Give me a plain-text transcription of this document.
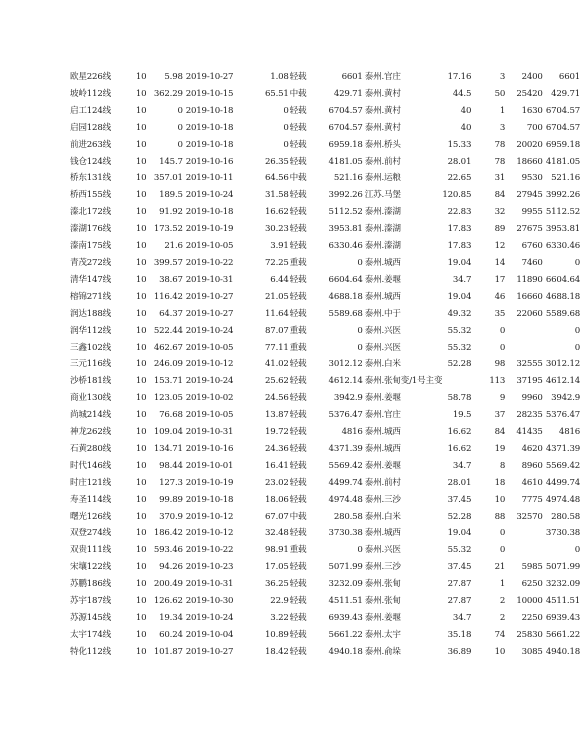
欧星226线	10	5.98	2019-10-27	1.08	轻载	6601	泰州.官庄	17.16	3	2400	6601
坡岭112线	10	362.29	2019-10-15	65.51	中载	429.71	泰州.黄村	44.5	50	25420	429.71
启工124线	10	0	2019-10-18	0	轻载	6704.57	泰州.黄村	40	1	1630	6704.57
启园128线	10	0	2019-10-18	0	轻载	6704.57	泰州.黄村	40	3	700	6704.57
前进263线	10	0	2019-10-18	0	轻载	6959.18	泰州.桥头	15.33	78	20020	6959.18
钱仓124线	10	145.7	2019-10-16	26.35	轻载	4181.05	泰州.前村	28.01	78	18660	4181.05
桥东131线	10	357.01	2019-10-11	64.56	中载	521.16	泰州.运粮	22.65	31	9530	521.16
桥西155线	10	189.5	2019-10-24	31.58	轻载	3992.26	江苏.马堡	120.85	84	27945	3992.26
溱北172线	10	91.92	2019-10-18	16.62	轻载	5112.52	泰州.溱湖	22.83	32	9955	5112.52
溱湖176线	10	173.52	2019-10-19	30.23	轻载	3953.81	泰州.溱湖	17.83	89	27675	3953.81
溱南175线	10	21.6	2019-10-05	3.91	轻载	6330.46	泰州.溱湖	17.83	12	6760	6330.46
青茂272线	10	399.57	2019-10-22	72.25	重载	0	泰州.城西	19.04	14	7460	0
清华147线	10	38.67	2019-10-31	6.44	轻载	6604.64	泰州.姜堰	34.7	17	11890	6604.64
榕锦271线	10	116.42	2019-10-27	21.05	轻载	4688.18	泰州.城西	19.04	46	16660	4688.18
润达188线	10	64.37	2019-10-27	11.64	轻载	5589.68	泰州.中于	49.32	35	22060	5589.68
润华112线	10	522.44	2019-10-24	87.07	重载	0	泰州.兴医	55.32	0		0
三鑫102线	10	462.67	2019-10-05	77.11	重载	0	泰州.兴医	55.32	0		0
三元116线	10	246.09	2019-10-12	41.02	轻载	3012.12	泰州.白米	52.28	98	32555	3012.12
沙桥181线	10	153.71	2019-10-24	25.62	轻载	4612.14	泰州.张甸变/1号主变		113	37195	4612.14
商业130线	10	123.05	2019-10-02	24.56	轻载	3942.9	泰州.姜堰	58.78	9	9960	3942.9
尚城214线	10	76.68	2019-10-05	13.87	轻载	5376.47	泰州.官庄	19.5	37	28235	5376.47
神龙262线	10	109.04	2019-10-31	19.72	轻载	4816	泰州.城西	16.62	84	41435	4816
石黄280线	10	134.71	2019-10-16	24.36	轻载	4371.39	泰州.城西	16.62	19	4620	4371.39
时代146线	10	98.44	2019-10-01	16.41	轻载	5569.42	泰州.姜堰	34.7	8	8960	5569.42
时庄121线	10	127.3	2019-10-19	23.02	轻载	4499.74	泰州.前村	28.01	18	4610	4499.74
寿圣114线	10	99.89	2019-10-18	18.06	轻载	4974.48	泰州.三沙	37.45	10	7775	4974.48
曙光126线	10	370.9	2019-10-12	67.07	中载	280.58	泰州.白米	52.28	88	32570	280.58
双登274线	10	186.42	2019-10-12	32.48	轻载	3730.38	泰州.城西	19.04	0		3730.38
双贵111线	10	593.46	2019-10-22	98.91	重载	0	泰州.兴医	55.32	0		0
宋壤122线	10	94.26	2019-10-23	17.05	轻载	5071.99	泰州.三沙	37.45	21	5985	5071.99
苏鹏186线	10	200.49	2019-10-31	36.25	轻载	3232.09	泰州.张甸	27.87	1	6250	3232.09
苏宇187线	10	126.62	2019-10-30	22.9	轻载	4511.51	泰州.张甸	27.87	2	10000	4511.51
苏源145线	10	19.34	2019-10-24	3.22	轻载	6939.43	泰州.姜堰	34.7	2	2250	6939.43
太宇174线	10	60.24	2019-10-04	10.89	轻载	5661.22	泰州.太宇	35.18	74	25830	5661.22
特化112线	10	101.87	2019-10-27	18.42	轻载	4940.18	泰州.俞垛	36.89	10	3085	4940.18
